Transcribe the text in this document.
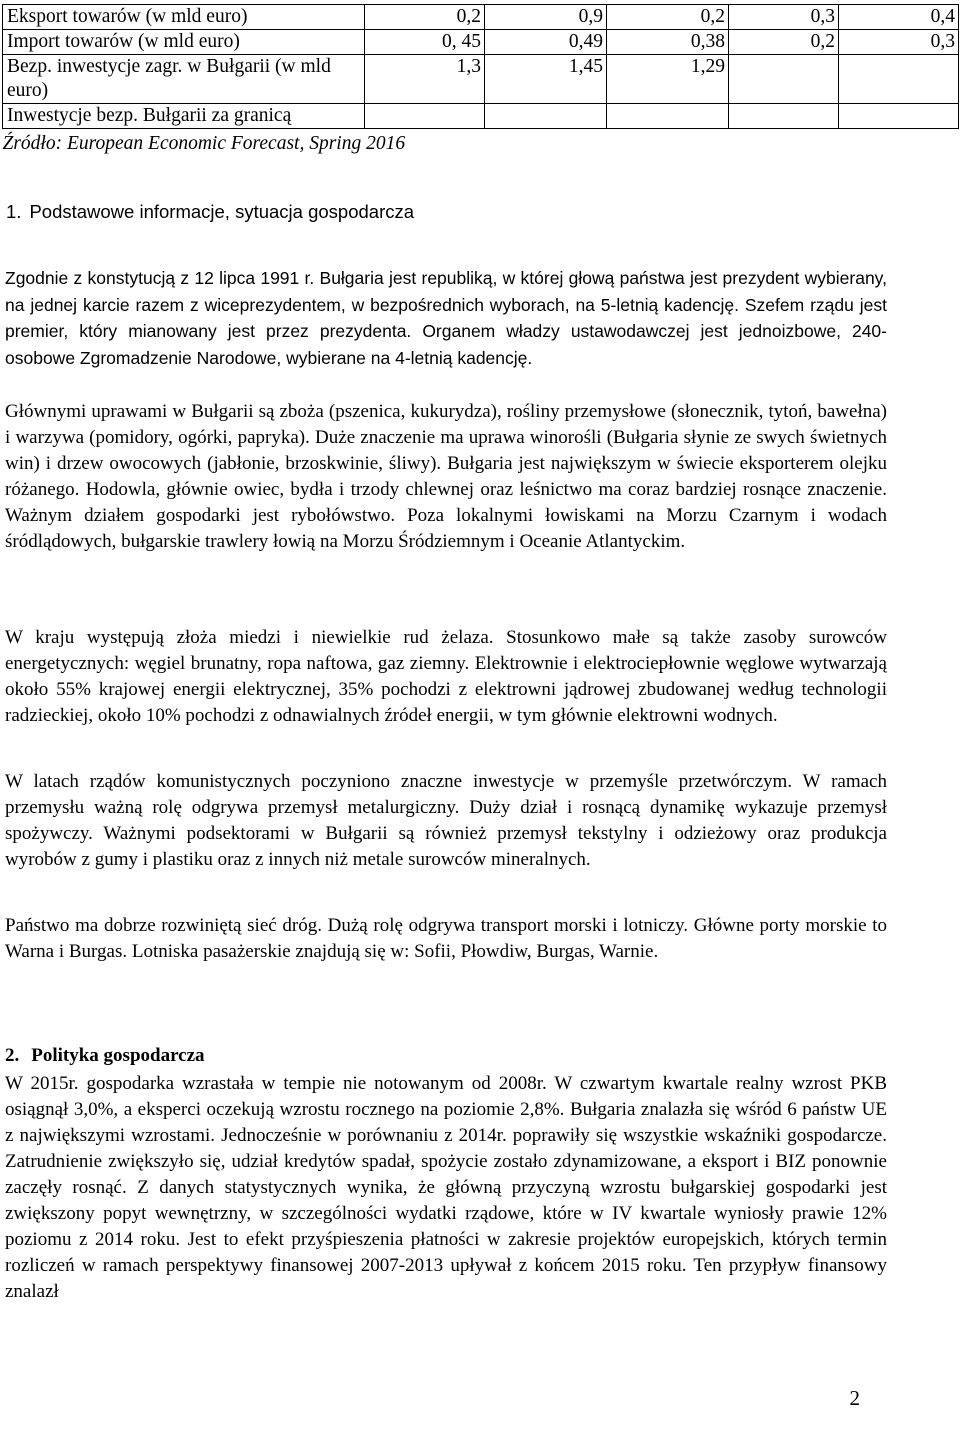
Eksport towarów (w mld euro)	0,2	0,9	0,2	0,3	0,4
Import towarów (w mld euro)	0, 45	0,49	0,38	0,2	0,3
Bezp. inwestycje zagr. w Bułgarii (w mld euro)	1,3	1,45	1,29		
Inwestycje bezp. Bułgarii za granicą					
Źródło: European Economic Forecast, Spring 2016					
1. Podstawowe informacje, sytuacja gospodarcza

Zgodnie z konstytucją z 12 lipca 1991 r. Bułgaria jest republiką, w której głową państwa jest prezydent wybierany, na jednej karcie razem z wiceprezydentem, w bezpośrednich wyborach, na 5-letnią kadencję. Szefem rządu jest premier, który mianowany jest przez prezydenta. Organem władzy ustawodawczej jest jednoizbowe, 240-osobowe Zgromadzenie Narodowe, wybierane na 4-letnią kadencję.

Głównymi uprawami w Bułgarii są zboża (pszenica, kukurydza), rośliny przemysłowe (słonecznik, tytoń, bawełna) i warzywa (pomidory, ogórki, papryka). Duże znaczenie ma uprawa winorośli (Bułgaria słynie ze swych świetnych win) i drzew owocowych (jabłonie, brzoskwinie, śliwy). Bułgaria jest największym w świecie eksporterem olejku różanego. Hodowla, głównie owiec, bydła i trzody chlewnej oraz leśnictwo ma coraz bardziej rosnące znaczenie. Ważnym działem gospodarki jest rybołówstwo. Poza lokalnymi łowiskami na Morzu Czarnym i wodach śródlądowych, bułgarskie trawlery łowią na Morzu Śródziemnym i Oceanie Atlantyckim.

W kraju występują złoża miedzi i niewielkie rud żelaza. Stosunkowo małe są także zasoby surowców energetycznych: węgiel brunatny, ropa naftowa, gaz ziemny. Elektrownie i elektrociepłownie węglowe wytwarzają około 55% krajowej energii elektrycznej, 35% pochodzi z elektrowni jądrowej zbudowanej według technologii radzieckiej, około 10% pochodzi z odnawialnych źródeł energii, w tym głównie elektrowni wodnych.

W latach rządów komunistycznych poczyniono znaczne inwestycje w przemyśle przetwórczym. W ramach przemysłu ważną rolę odgrywa przemysł metalurgiczny. Duży dział i rosnącą dynamikę wykazuje przemysł spożywczy. Ważnymi podsektorami w Bułgarii są również przemysł tekstylny i odzieżowy oraz produkcja wyrobów z gumy i plastiku oraz z innych niż metale surowców mineralnych.

Państwo ma dobrze rozwiniętą sieć dróg. Dużą rolę odgrywa transport morski i lotniczy. Główne porty morskie to Warna i Burgas. Lotniska pasażerskie znajdują się w: Sofii, Płowdiw, Burgas, Warnie.

2. Polityka gospodarcza

W 2015r. gospodarka wzrastała w tempie nie notowanym od 2008r. W czwartym kwartale realny wzrost PKB osiągnął 3,0%, a eksperci oczekują wzrostu rocznego na poziomie 2,8%. Bułgaria znalazła się wśród 6 państw UE z największymi wzrostami. Jednocześnie w porównaniu z 2014r. poprawiły się wszystkie wskaźniki gospodarcze. Zatrudnienie zwiększyło się, udział kredytów spadał, spożycie zostało zdynamizowane, a eksport i BIZ ponownie zaczęły rosnąć. Z danych statystycznych wynika, że główną przyczyną wzrostu bułgarskiej gospodarki jest zwiększony popyt wewnętrzny, w szczególności wydatki rządowe, które w IV kwartale wyniosły prawie 12% poziomu z 2014 roku. Jest to efekt przyśpieszenia płatności w zakresie projektów europejskich, których termin rozliczeń w ramach perspektywy finansowej 2007-2013 upływał z końcem 2015 roku. Ten przypływ finansowy znalazł

2
